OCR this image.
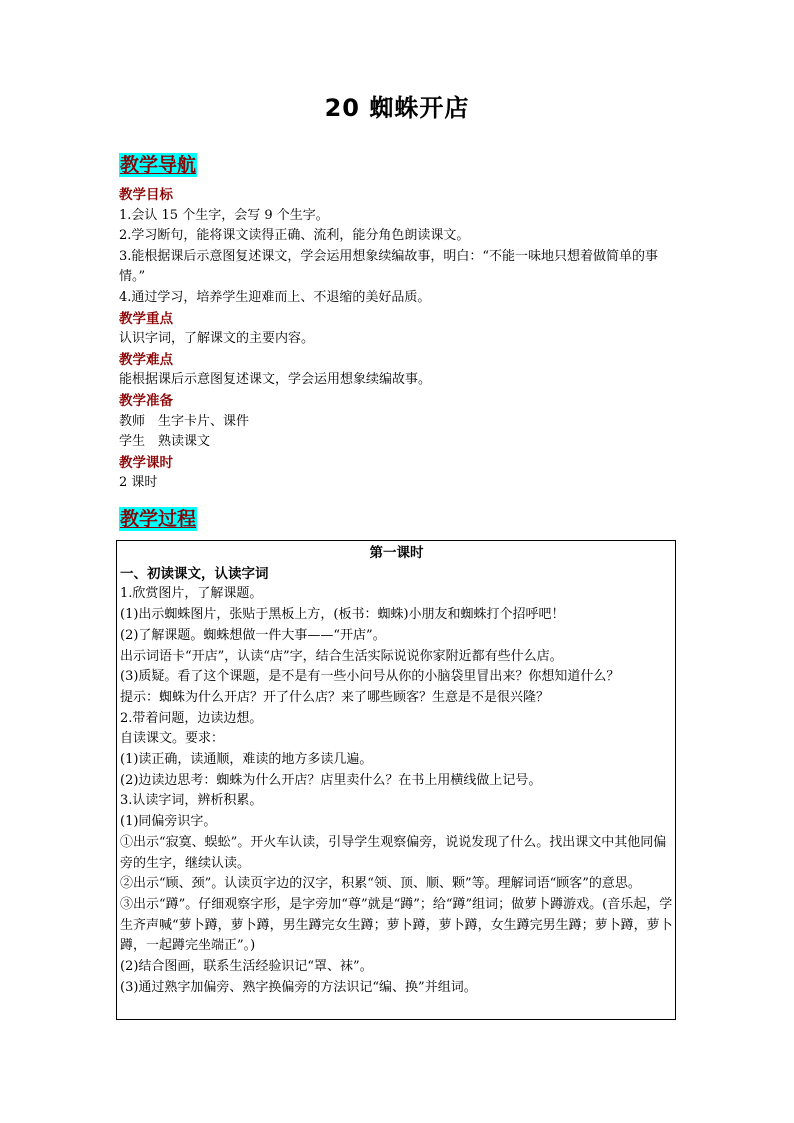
20 蜘蛛开店
教学导航

教学目标

1.会认 15 个生字，会写 9 个生字。

2.学习断句，能将课文读得正确、流利，能分角色朗读课文。

3.能根据课后示意图复述课文，学会运用想象续编故事，明白：“不能一味地只想着做简单的事情。”

4.通过学习，培养学生迎难而上、不退缩的美好品质。

教学重点

认识字词，了解课文的主要内容。

教学难点

能根据课后示意图复述课文，学会运用想象续编故事。

教学准备

教师　生字卡片、课件

学生　熟读课文

教学课时

2 课时

教学过程

第一课时

一、初读课文，认读字词

1.欣赏图片，了解课题。

(1)出示蜘蛛图片，张贴于黑板上方，(板书：蜘蛛)小朋友和蜘蛛打个招呼吧！

(2)了解课题。蜘蛛想做一件大事——“开店”。

出示词语卡“开店”，认读“店”字，结合生活实际说说你家附近都有些什么店。

(3)质疑。看了这个课题，是不是有一些小问号从你的小脑袋里冒出来？你想知道什么？

提示：蜘蛛为什么开店？开了什么店？来了哪些顾客？生意是不是很兴隆？

2.带着问题，边读边想。

自读课文。要求：

(1)读正确，读通顺，难读的地方多读几遍。

(2)边读边思考：蜘蛛为什么开店？店里卖什么？在书上用横线做上记号。

3.认读字词，辨析积累。

(1)同偏旁识字。

①出示“寂寞、蜈蚣”。开火车认读，引导学生观察偏旁，说说发现了什么。找出课文中其他同偏旁的生字，继续认读。

②出示“顾、颈”。认读页字边的汉字，积累“领、顶、顺、颗”等。理解词语“顾客”的意思。

③出示“蹲”。仔细观察字形，是字旁加“尊”就是“蹲”；给“蹲”组词；做萝卜蹲游戏。(音乐起，学生齐声喊“萝卜蹲，萝卜蹲，男生蹲完女生蹲；萝卜蹲，萝卜蹲，女生蹲完男生蹲；萝卜蹲，萝卜蹲，一起蹲完坐端正”。)

(2)结合图画，联系生活经验识记“罩、袜”。

(3)通过熟字加偏旁、熟字换偏旁的方法识记“编、换”并组词。
